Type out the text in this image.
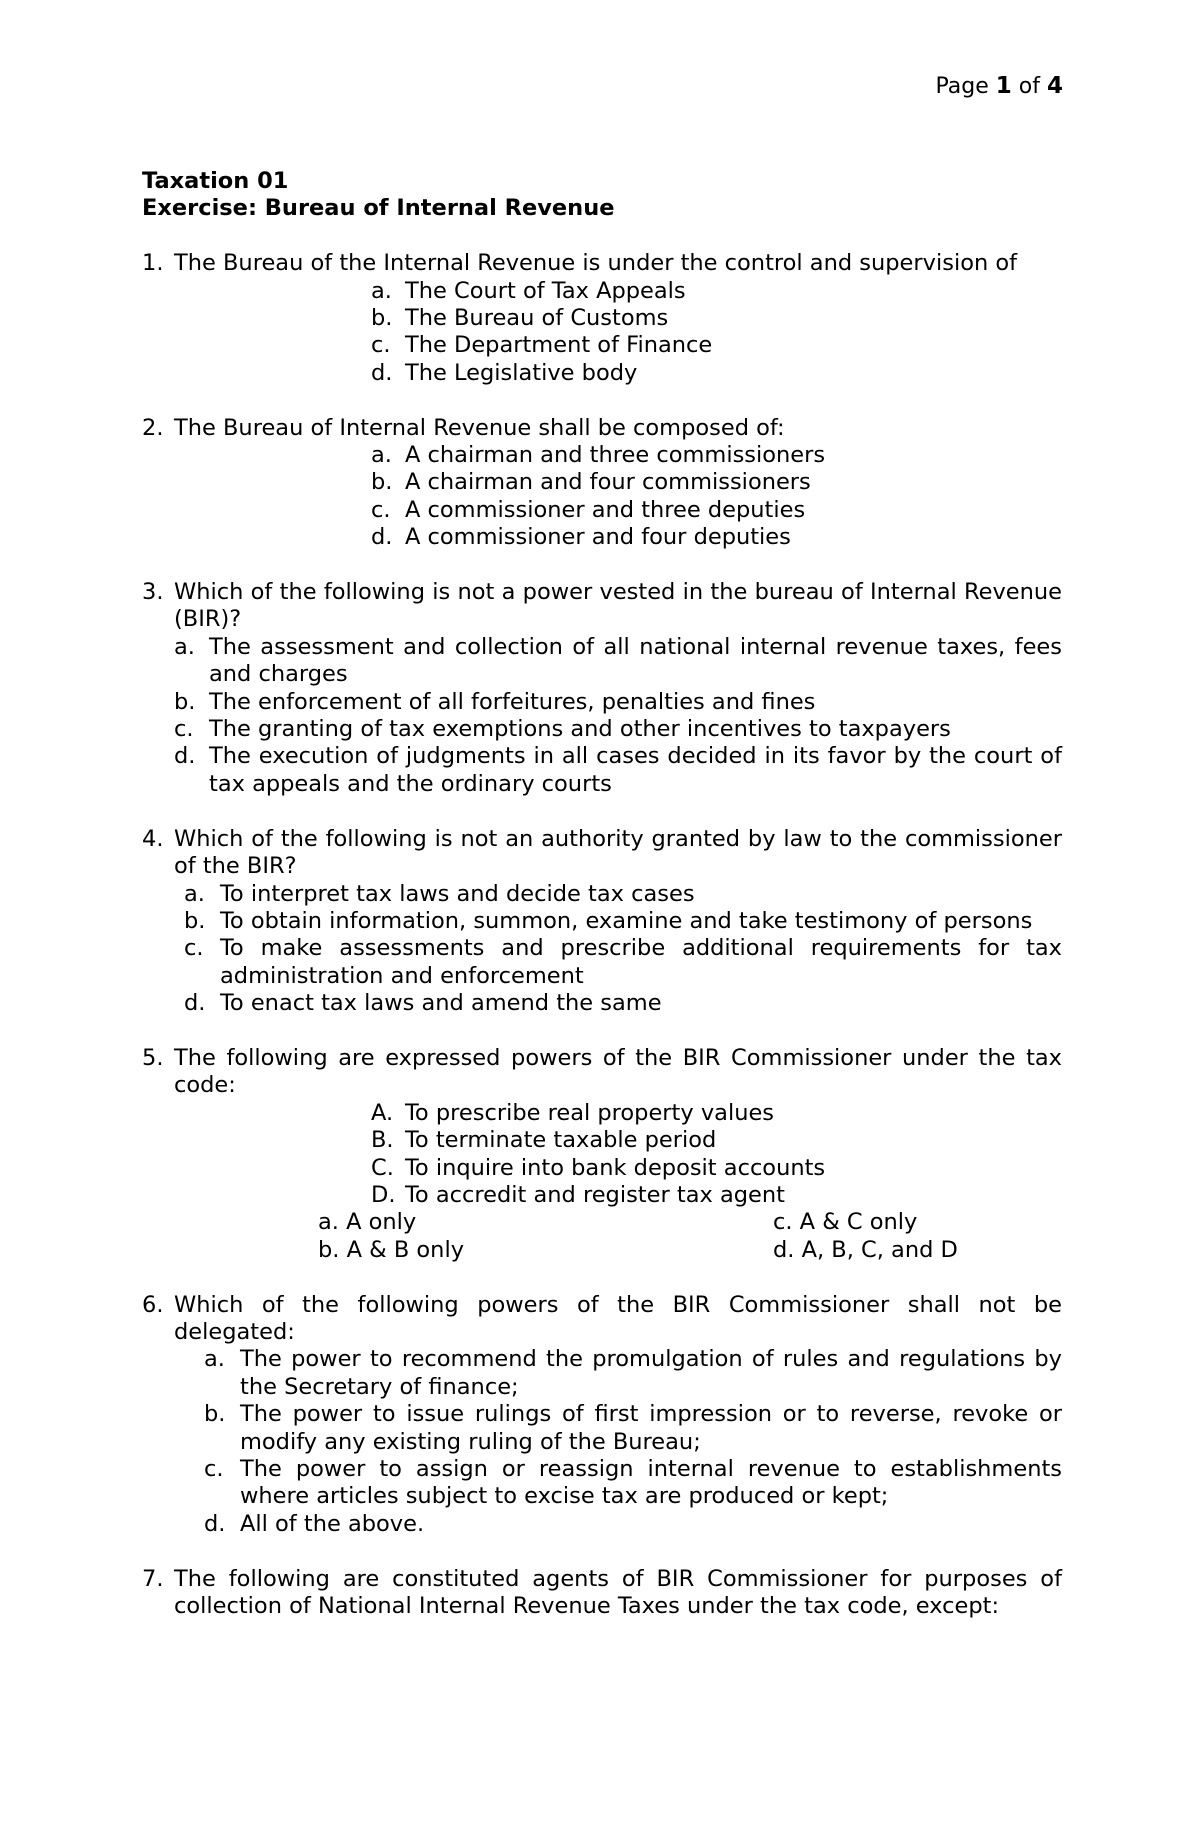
Page 1 of 4
Taxation 01
Exercise: Bureau of Internal Revenue
1. The Bureau of the Internal Revenue is under the control and supervision of
a. The Court of Tax Appeals
b. The Bureau of Customs
c. The Department of Finance
d. The Legislative body
2. The Bureau of Internal Revenue shall be composed of:
a. A chairman and three commissioners
b. A chairman and four commissioners
c. A commissioner and three deputies
d. A commissioner and four deputies
3. Which of the following is not a power vested in the bureau of Internal Revenue (BIR)?
a. The assessment and collection of all national internal revenue taxes, fees and charges
b. The enforcement of all forfeitures, penalties and fines
c. The granting of tax exemptions and other incentives to taxpayers
d. The execution of judgments in all cases decided in its favor by the court of tax appeals and the ordinary courts
4. Which of the following is not an authority granted by law to the commissioner of the BIR?
a. To interpret tax laws and decide tax cases
b. To obtain information, summon, examine and take testimony of persons
c. To make assessments and prescribe additional requirements for tax administration and enforcement
d. To enact tax laws and amend the same
5. The following are expressed powers of the BIR Commissioner under the tax code:
A. To prescribe real property values
B. To terminate taxable period
C. To inquire into bank deposit accounts
D. To accredit and register tax agent
a. A only
b. A & B only
c. A & C only
d. A, B, C, and D
6. Which of the following powers of the BIR Commissioner shall not be delegated:
a. The power to recommend the promulgation of rules and regulations by the Secretary of finance;
b. The power to issue rulings of first impression or to reverse, revoke or modify any existing ruling of the Bureau;
c. The power to assign or reassign internal revenue to establishments where articles subject to excise tax are produced or kept;
d. All of the above.
7. The following are constituted agents of BIR Commissioner for purposes of collection of National Internal Revenue Taxes under the tax code, except:
